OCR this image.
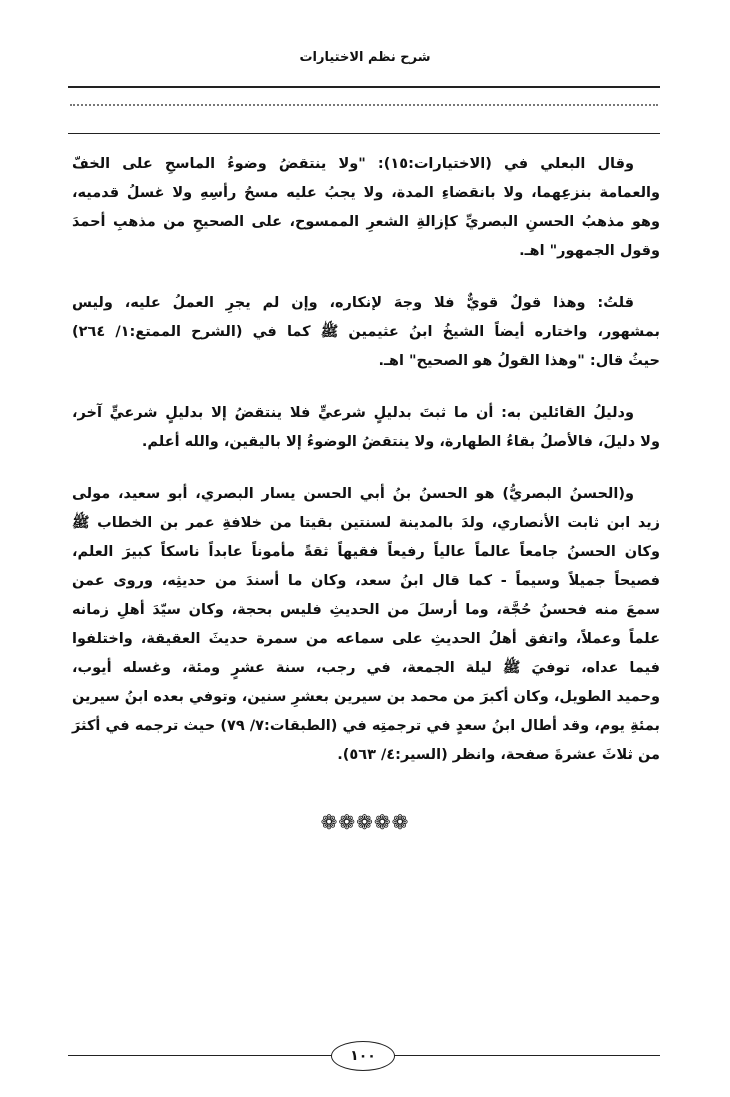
شرح نظم الاختيارات
وقال البعلي في (الاختيارات:١٥): "ولا ينتقضُ وضوءُ الماسحِ على الخفّ
والعمامة بنزعِهما، ولا بانقضاءِ المدة، ولا يجبُ عليه مسحُ رأسِهِ ولا غسلُ قدميه،
وهو مذهبُ الحسنِ البصريِّ كإزالةِ الشعرِ الممسوح، على الصحيحِ من مذهبِ أحمدَ
وقول الجمهور" اهـ.
قلتُ: وهذا قولٌ قويٌّ فلا وجهَ لإنكاره، وإن لم يجرِ العملُ عليه، وليس
بمشهور، واختاره أيضاً الشيخُ ابنُ عثيمين ﷺ كما في (الشرح الممتع:١/ ٢٦٤)
حيثُ قال: "وهذا القولُ هو الصحيح" اهـ.
ودليلُ القائلين به: أن ما ثبتَ بدليلٍ شرعيٍّ فلا ينتقضُ إلا بدليلٍ شرعيٍّ آخر،
ولا دليلَ، فالأصلُ بقاءُ الطهارة، ولا ينتقضُ الوضوءُ إلا باليقين، والله أعلم.
و(الحسنُ البصريُّ) هو الحسنُ بنُ أبي الحسن يسار البصري، أبو سعيد، مولى
زيد ابن ثابت الأنصاري، ولدَ بالمدينة لسنتين بقيتا من خلافةِ عمر بن الخطاب ﷺ
وكان الحسنُ جامعاً عالماً عالياً رفيعاً فقيهاً ثقةً مأموناً عابداً ناسكاً كبيرَ العلم،
فصيحاً جميلاً وسيماً - كما قال ابنُ سعد، وكان ما أسندَ من حديثِه، وروى عمن
سمعَ منه فحسنُ حُجَّة، وما أرسلَ من الحديثِ فليس بحجة، وكان سيّدَ أهلِ زمانه
علماً وعملاً، واتفق أهلُ الحديثِ على سماعه من سمرة حديثَ العقيقة، واختلفوا
فيما عداه، توفيَ ﷺ ليلة الجمعة، في رجب، سنة عشرٍ ومئة، وغسله أيوب،
وحميد الطويل، وكان أكبرَ من محمد بن سيرين بعشرِ سنين، وتوفي بعده ابنُ سيرين
بمئةِ يوم، وقد أطال ابنُ سعدٍ في ترجمتِه في (الطبقات:٧/ ٧٩) حيث ترجمه في أكثرَ
من ثلاثَ عشرةَ صفحة، وانظر (السير:٤/ ٥٦٣).
❁❁❁❁❁
١٠٠
